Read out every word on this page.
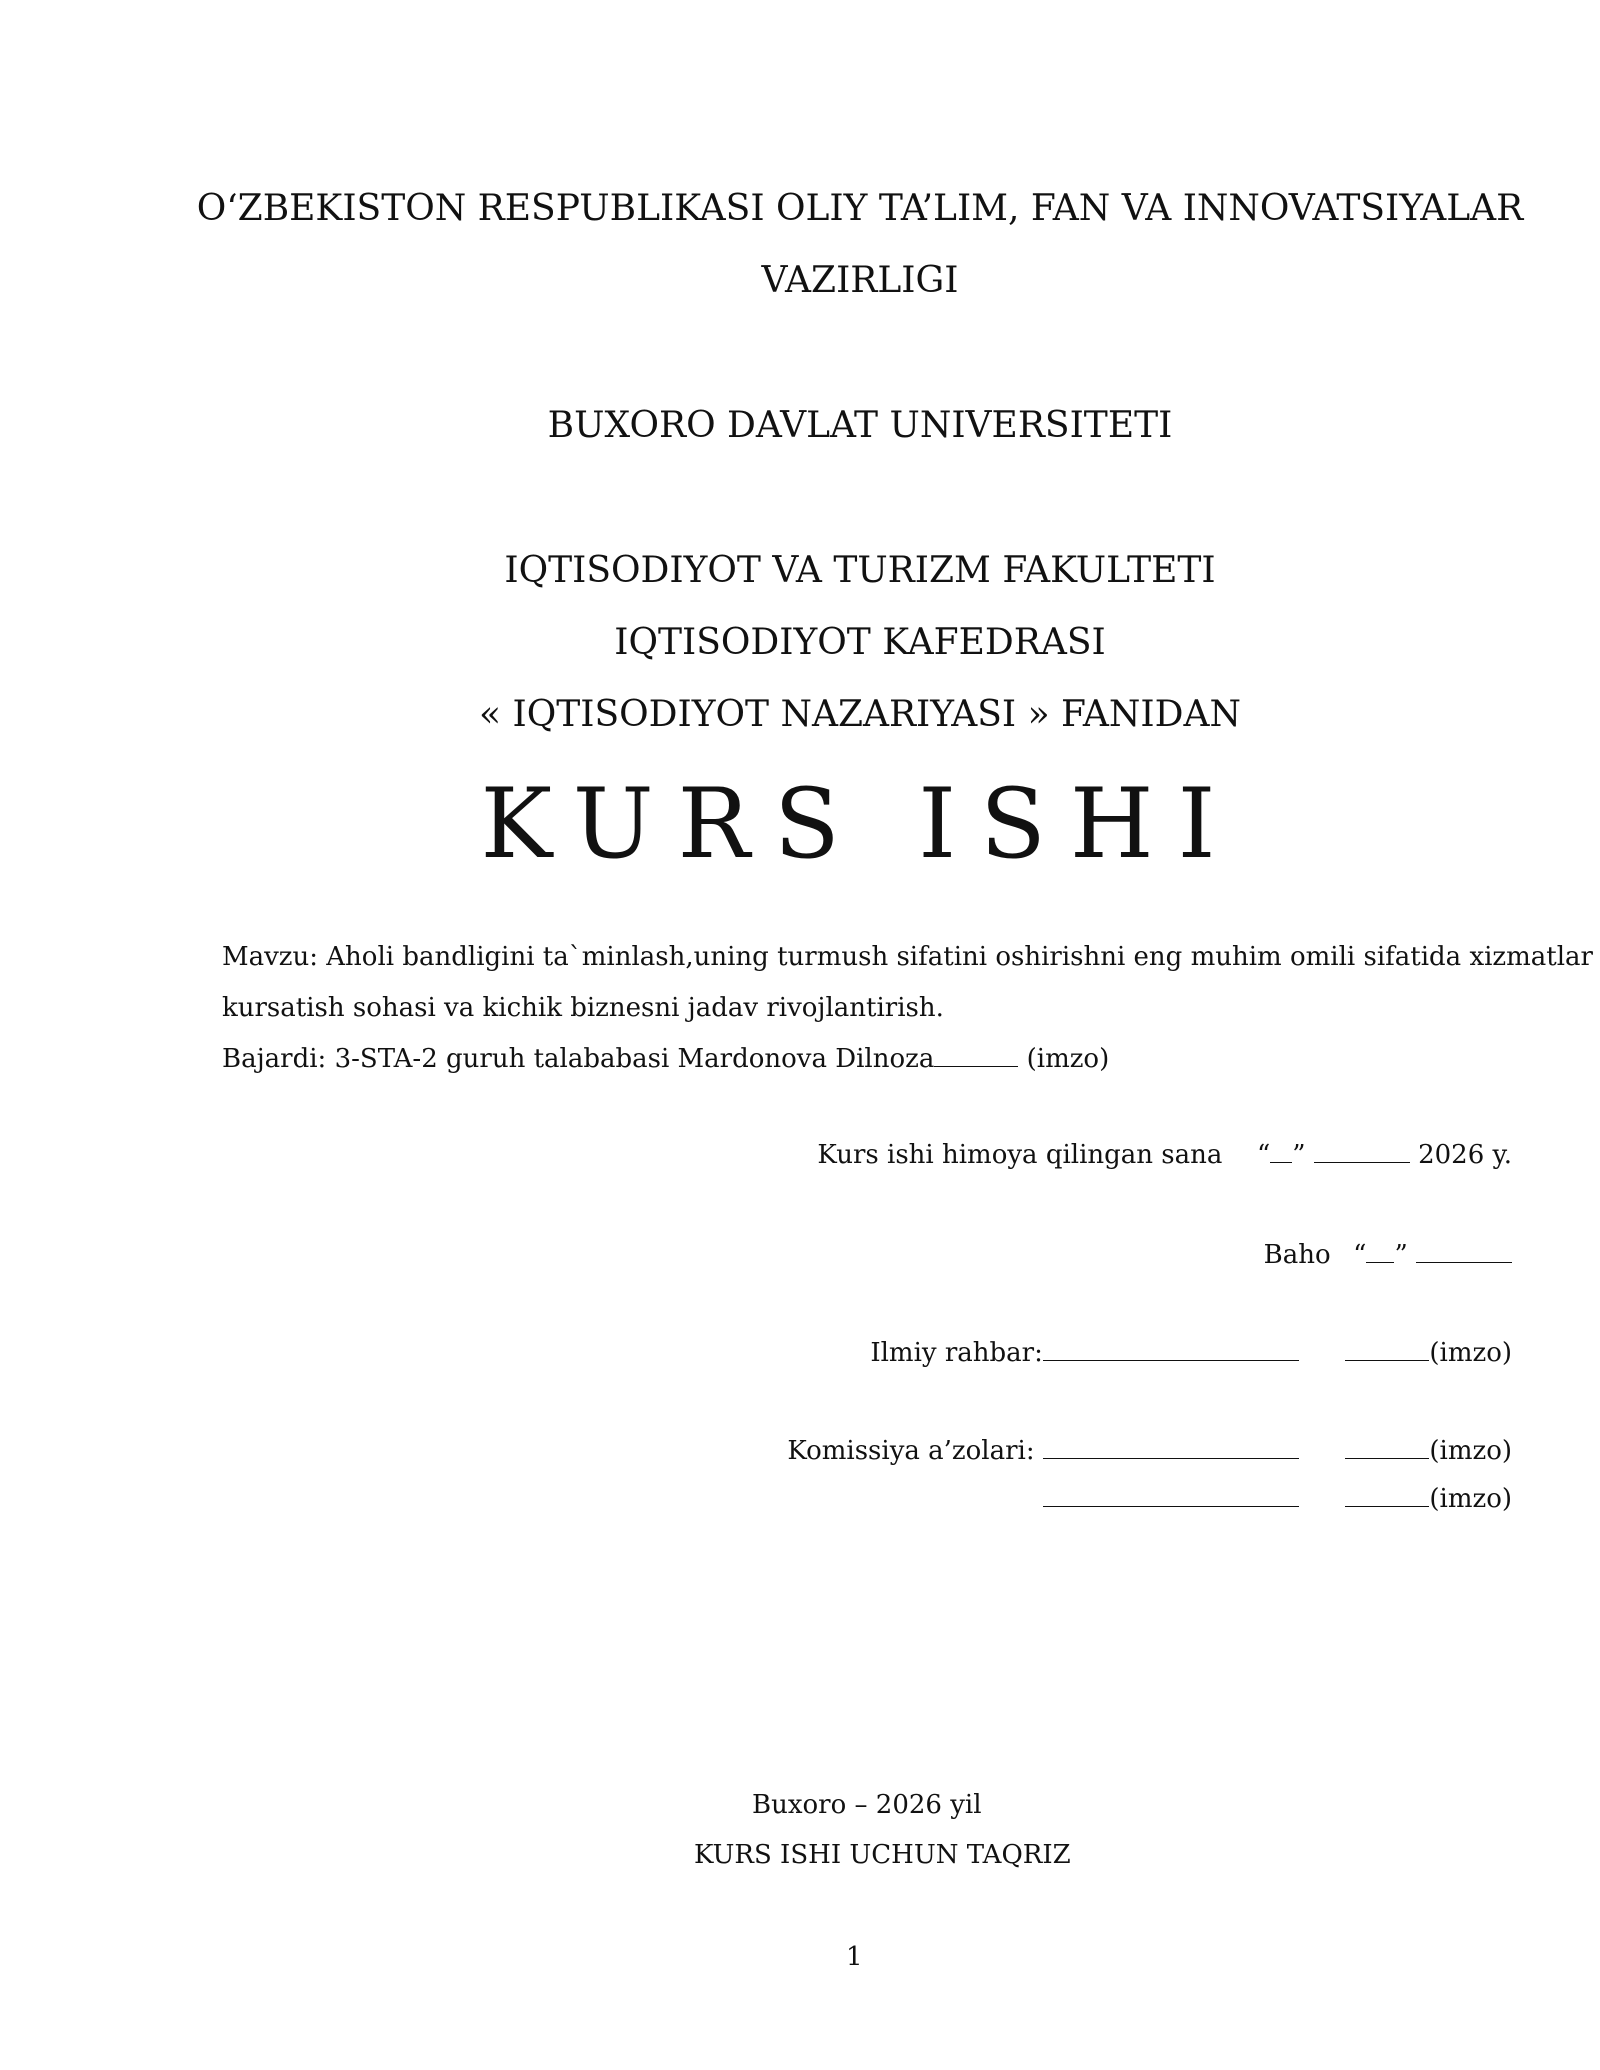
O‘ZBEKISTON RESPUBLIKASI OLIY TA’LIM, FAN VA INNOVATSIYALAR
VAZIRLIGI
BUXORO DAVLAT UNIVERSITETI
IQTISODIYOT VA TURIZM FAKULTETI
IQTISODIYOT KAFEDRASI
« IQTISODIYOT NAZARIYASI » FANIDAN
KURS ISHI
Mavzu: Aholi bandligini ta`minlash,uning turmush sifatini oshirishni eng muhim omili sifatida xizmatlar
kursatish sohasi va kichik biznesni jadav rivojlantirish.
Bajardi: 3-STA-2 guruh talababasi Mardonova Dilnoza	(imzo)
Kurs ishi himoya qilingan sana “ ”	2026 y.
Baho “ ”
Ilmiy rahbar:	(imzo)
Komissiya a’zolari:	(imzo)
(imzo)
Buxoro – 2026 yil
KURS ISHI UCHUN TAQRIZ
1
